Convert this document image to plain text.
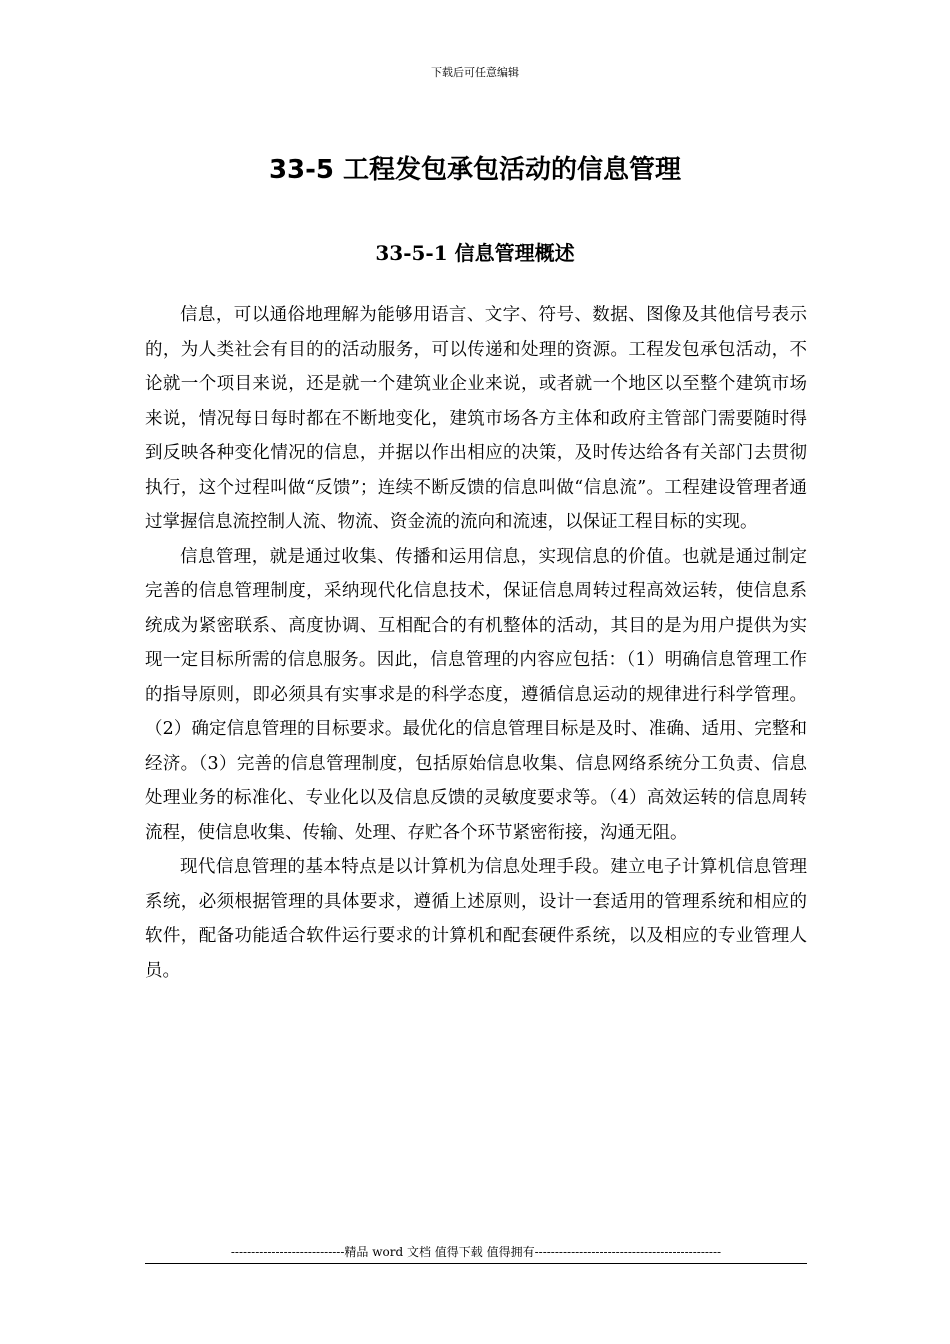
下载后可任意编辑
33-5 工程发包承包活动的信息管理
33-5-1 信息管理概述

信息，可以通俗地理解为能够用语言、文字、符号、数据、图像及其他信号表示的，为人类社会有目的的活动服务，可以传递和处理的资源。工程发包承包活动，不论就一个项目来说，还是就一个建筑业企业来说，或者就一个地区以至整个建筑市场来说，情况每日每时都在不断地变化，建筑市场各方主体和政府主管部门需要随时得到反映各种变化情况的信息，并据以作出相应的决策，及时传达给各有关部门去贯彻执行，这个过程叫做“反馈”；连续不断反馈的信息叫做“信息流”。工程建设管理者通过掌握信息流控制人流、物流、资金流的流向和流速，以保证工程目标的实现。

信息管理，就是通过收集、传播和运用信息，实现信息的价值。也就是通过制定完善的信息管理制度，采纳现代化信息技术，保证信息周转过程高效运转，使信息系统成为紧密联系、高度协调、互相配合的有机整体的活动，其目的是为用户提供为实现一定目标所需的信息服务。因此，信息管理的内容应包括：（1）明确信息管理工作的指导原则，即必须具有实事求是的科学态度，遵循信息运动的规律进行科学管理。（2）确定信息管理的目标要求。最优化的信息管理目标是及时、准确、适用、完整和经济。（3）完善的信息管理制度，包括原始信息收集、信息网络系统分工负责、信息处理业务的标准化、专业化以及信息反馈的灵敏度要求等。（4）高效运转的信息周转流程，使信息收集、传输、处理、存贮各个环节紧密衔接，沟通无阻。

现代信息管理的基本特点是以计算机为信息处理手段。建立电子计算机信息管理系统，必须根据管理的具体要求，遵循上述原则，设计一套适用的管理系统和相应的软件，配备功能适合软件运行要求的计算机和配套硬件系统，以及相应的专业管理人员。

----------------------------精品 word 文档 值得下载 值得拥有----------------------------------------------
